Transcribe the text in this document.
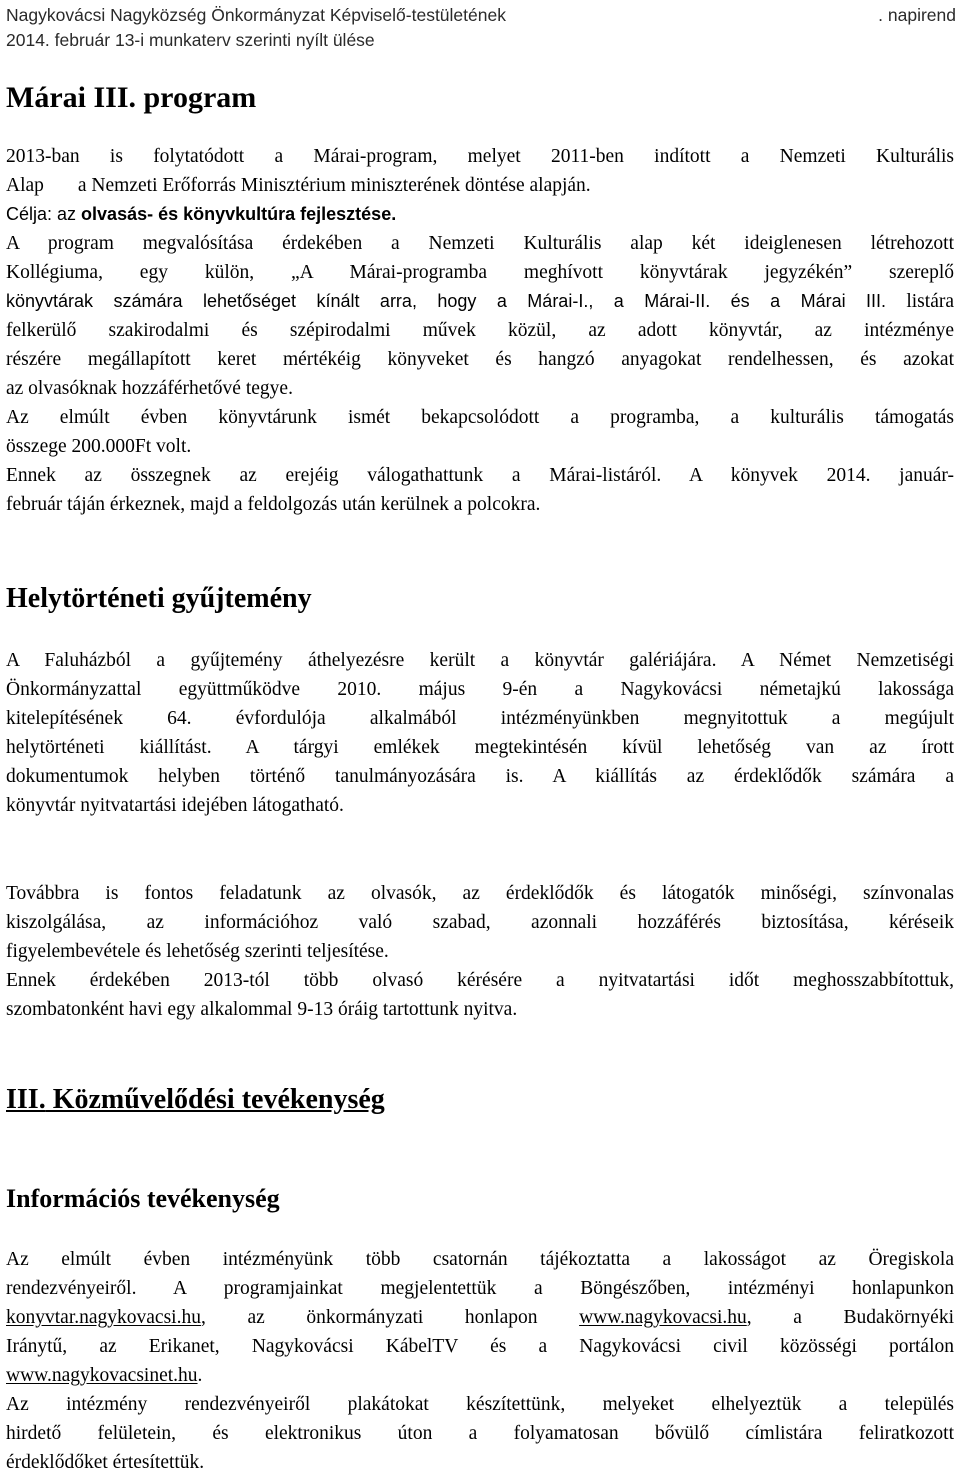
Nagykovácsi Nagyközség Önkormányzat Képviselő-testületének	. napirend
2014. február 13-i munkaterv szerinti nyílt ülése
Márai III. program
2013-ban is folytatódott a Márai-program, melyet 2011-ben indított a Nemzeti Kulturális
Alap a Nemzeti Erőforrás Minisztérium miniszterének döntése alapján.
Célja: az olvasás- és könyvkultúra fejlesztése.
A program megvalósítása érdekében a Nemzeti Kulturális alap két ideiglenesen létrehozott
Kollégiuma, egy külön, „A Márai-programba meghívott könyvtárak jegyzékén” szereplő
könyvtárak számára lehetőséget kínált arra, hogy a Márai-I., a Márai-II. és a Márai III. listára
felkerülő szakirodalmi és szépirodalmi művek közül, az adott könyvtár, az intézménye
részére megállapított keret mértékéig könyveket és hangzó anyagokat rendelhessen, és azokat
az olvasóknak hozzáférhetővé tegye.
Az elmúlt évben könyvtárunk ismét bekapcsolódott a programba, a kulturális támogatás
összege 200.000Ft volt.
Ennek az összegnek az erejéig válogathattunk a Márai-listáról. A könyvek 2014. január-
február táján érkeznek, majd a feldolgozás után kerülnek a polcokra.
Helytörténeti gyűjtemény
A Faluházból a gyűjtemény áthelyezésre került a könyvtár galériájára. A Német Nemzetiségi
Önkormányzattal együttműködve 2010. május 9-én a Nagykovácsi németajkú lakossága
kitelepítésének 64. évfordulója alkalmából intézményünkben megnyitottuk a megújult
helytörténeti kiállítást. A tárgyi emlékek megtekintésén kívül lehetőség van az írott
dokumentumok helyben történő tanulmányozására is. A kiállítás az érdeklődők számára a
könyvtár nyitvatartási idejében látogatható.
Továbbra is fontos feladatunk az olvasók, az érdeklődők és látogatók minőségi, színvonalas
kiszolgálása, az információhoz való szabad, azonnali hozzáférés biztosítása, kéréseik
figyelembevétele és lehetőség szerinti teljesítése.
Ennek érdekében 2013-tól több olvasó kérésére a nyitvatartási időt meghosszabbítottuk,
szombatonként havi egy alkalommal 9-13 óráig tartottunk nyitva.
III. Közművelődési tevékenység
Információs tevékenység
Az elmúlt évben intézményünk több csatornán tájékoztatta a lakosságot az Öregiskola
rendezvényeiről. A programjainkat megjelentettük a Böngészőben, intézményi honlapunkon
konyvtar.nagykovacsi.hu, az önkormányzati honlapon www.nagykovacsi.hu, a Budakörnyéki
Iránytű, az Erikanet, Nagykovácsi KábelTV és a Nagykovácsi civil közösségi portálon
www.nagykovacsinet.hu.
Az intézmény rendezvényeiről plakátokat készítettünk, melyeket elhelyeztük a település
hirdető felületein, és elektronikus úton a folyamatosan bővülő címlistára feliratkozott
érdeklődőket értesítettük.
